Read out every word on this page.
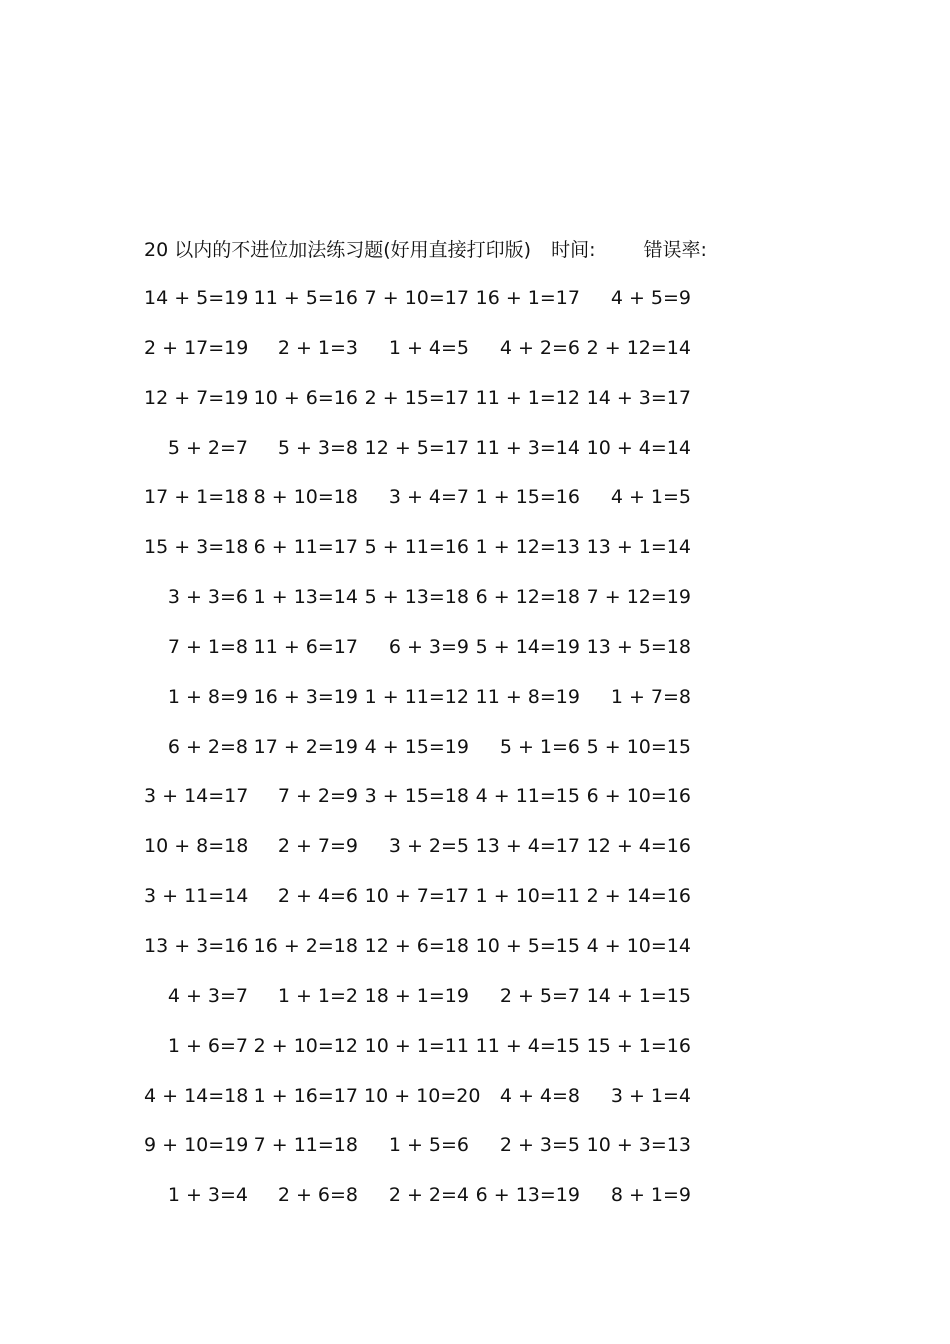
20 以内的不进位加法练习题(好用直接打印版) 时间:	错误率:
14 + 5=19 11 + 5=16 7 + 10=17 16 + 1=17	4 + 5=9
2 + 17=19	2 + 1=3	1 + 4=5	4 + 2=6 2 + 12=14
12 + 7=19 10 + 6=16 2 + 15=17 11 + 1=12 14 + 3=17
5 + 2=7	5 + 3=8 12 + 5=17 11 + 3=14 10 + 4=14
17 + 1=18 8 + 10=18	3 + 4=7 1 + 15=16	4 + 1=5
15 + 3=18 6 + 11=17 5 + 11=16 1 + 12=13 13 + 1=14
3 + 3=6 1 + 13=14 5 + 13=18 6 + 12=18 7 + 12=19
7 + 1=8 11 + 6=17	6 + 3=9 5 + 14=19 13 + 5=18
1 + 8=9 16 + 3=19 1 + 11=12 11 + 8=19	1 + 7=8
6 + 2=8 17 + 2=19 4 + 15=19	5 + 1=6 5 + 10=15
3 + 14=17	7 + 2=9 3 + 15=18 4 + 11=15 6 + 10=16
10 + 8=18	2 + 7=9	3 + 2=5 13 + 4=17 12 + 4=16
3 + 11=14	2 + 4=6 10 + 7=17 1 + 10=11 2 + 14=16
13 + 3=16 16 + 2=18 12 + 6=18 10 + 5=15 4 + 10=14
4 + 3=7	1 + 1=2 18 + 1=19	2 + 5=7 14 + 1=15
1 + 6=7 2 + 10=12 10 + 1=11 11 + 4=15 15 + 1=16
4 + 14=18 1 + 16=17 10 + 10=20	4 + 4=8	3 + 1=4
9 + 10=19 7 + 11=18	1 + 5=6	2 + 3=5 10 + 3=13
1 + 3=4	2 + 6=8	2 + 2=4 6 + 13=19	8 + 1=9
